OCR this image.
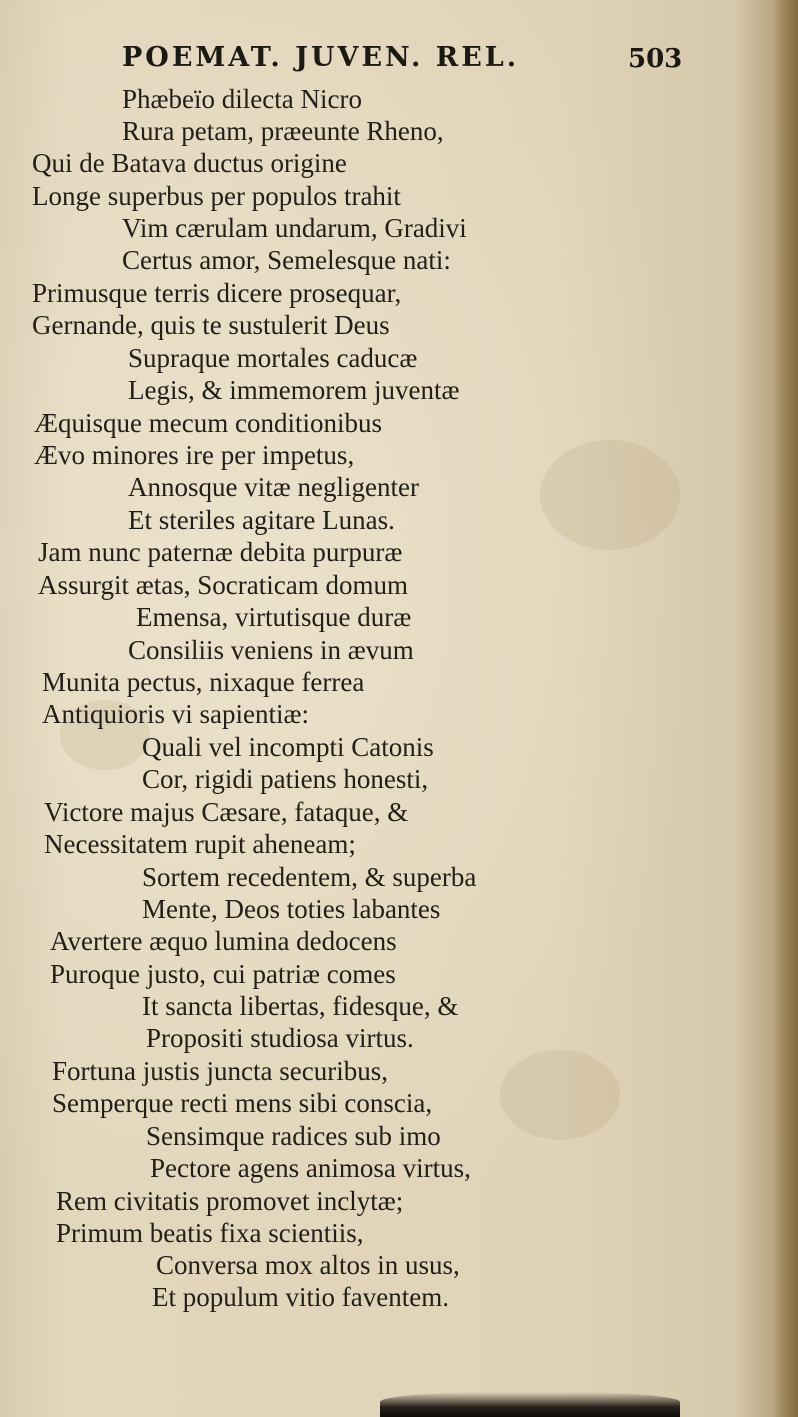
POEMAT. JUVEN. REL.	503
Phæbeïo dilecta Nicro
Rura petam, præeunte Rheno,
Qui de Batava ductus origine
Longe superbus per populos trahit
Vim cærulam undarum, Gradivi
Certus amor, Semelesque nati:
Primusque terris dicere prosequar,
Gernande, quis te sustulerit Deus
Supraque mortales caducæ
Legis, & immemorem juventæ
Æquisque mecum conditionibus
Ævo minores ire per impetus,
Annosque vitæ negligenter
Et steriles agitare Lunas.
Jam nunc paternæ debita purpuræ
Assurgit ætas, Socraticam domum
Emensa, virtutisque duræ
Consiliis veniens in ævum
Munita pectus, nixaque ferrea
Antiquioris vi sapientiæ:
Quali vel incompti Catonis
Cor, rigidi patiens honesti,
Victore majus Cæsare, fataque, &
Necessitatem rupit aheneam;
Sortem recedentem, & superba
Mente, Deos toties labantes
Avertere æquo lumina dedocens
Puroque justo, cui patriæ comes
It sancta libertas, fidesque, &
Propositi studiosa virtus.
Fortuna justis juncta securibus,
Semperque recti mens sibi conscia,
Sensimque radices sub imo
Pectore agens animosa virtus,
Rem civitatis promovet inclytæ;
Primum beatis fixa scientiis,
Conversa mox altos in usus,
Et populum vitio faventem.
